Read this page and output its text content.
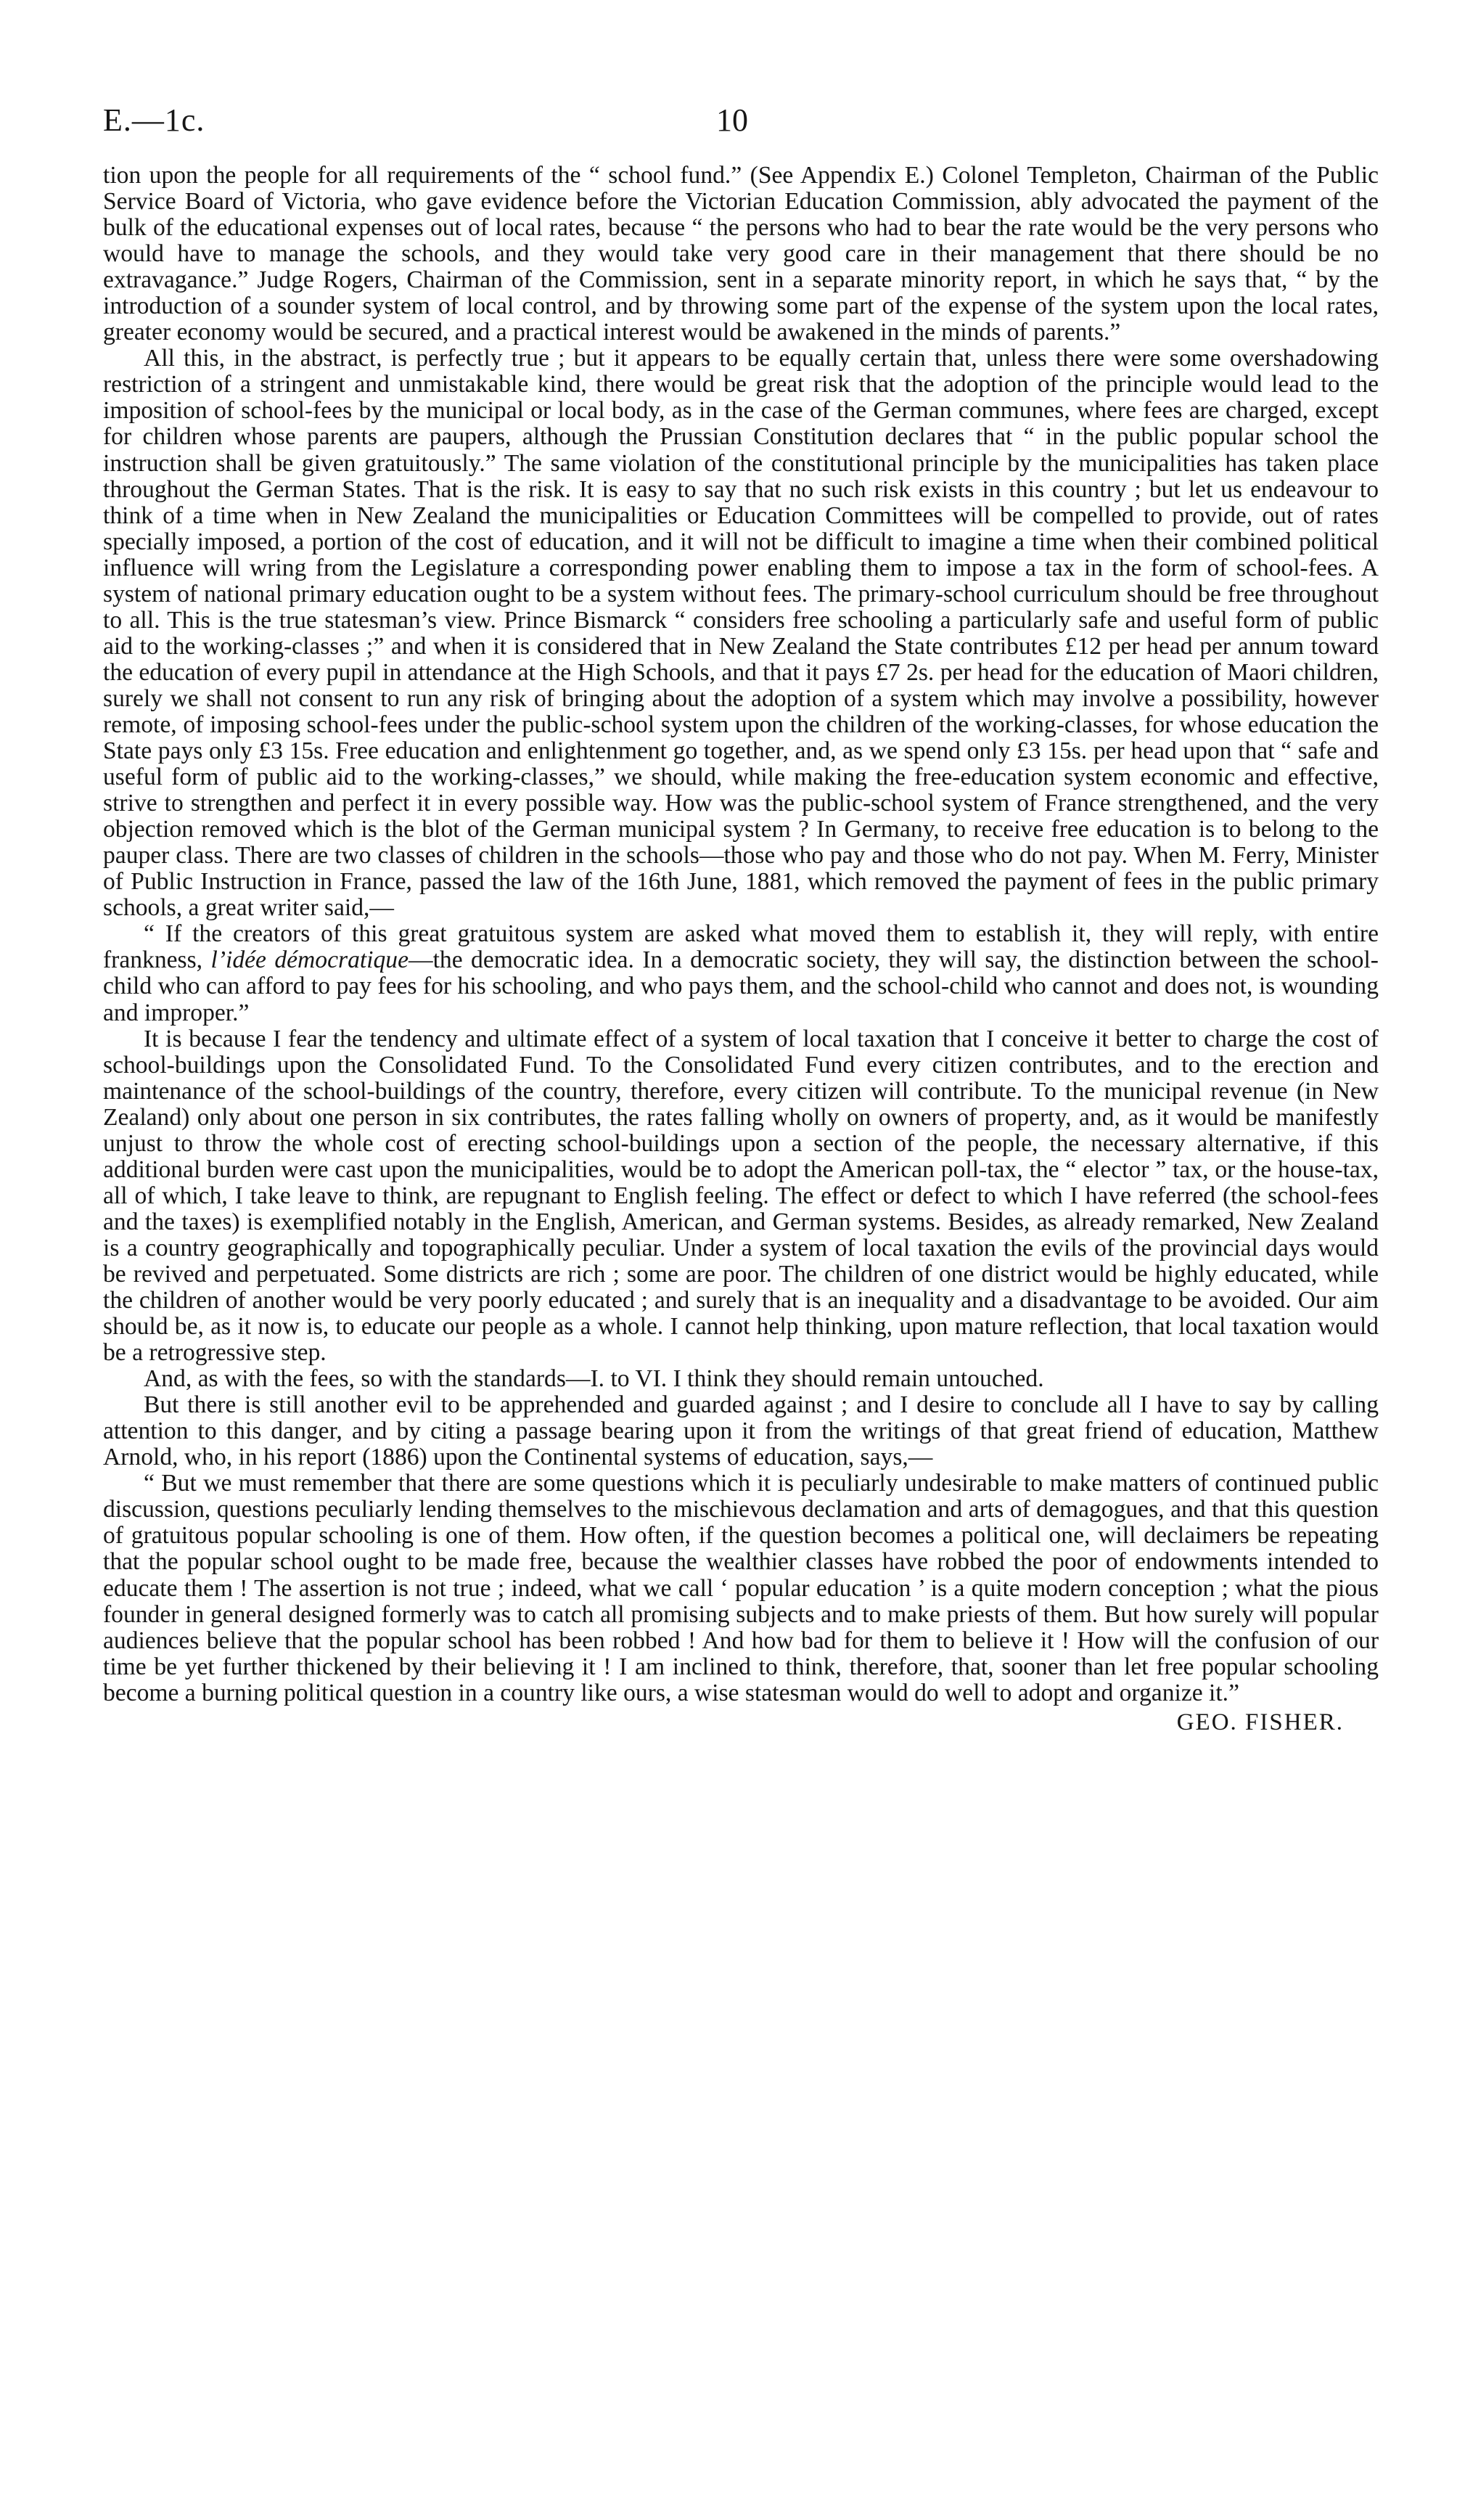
E.—1c.	10

tion upon the people for all requirements of the “ school fund.” (See Appendix E.) Colonel Templeton, Chairman of the Public Service Board of Victoria, who gave evidence before the Victorian Education Commission, ably advocated the payment of the bulk of the educational expenses out of local rates, because “ the persons who had to bear the rate would be the very persons who would have to manage the schools, and they would take very good care in their management that there should be no extravagance.” Judge Rogers, Chairman of the Commission, sent in a separate minority report, in which he says that, “ by the introduction of a sounder system of local control, and by throwing some part of the expense of the system upon the local rates, greater economy would be secured, and a practical interest would be awakened in the minds of parents.”

All this, in the abstract, is perfectly true ; but it appears to be equally certain that, unless there were some overshadowing restriction of a stringent and unmistakable kind, there would be great risk that the adoption of the principle would lead to the imposition of school-fees by the municipal or local body, as in the case of the German communes, where fees are charged, except for children whose parents are paupers, although the Prussian Constitution declares that “ in the public popular school the instruction shall be given gratuitously.” The same violation of the constitutional principle by the municipalities has taken place throughout the German States. That is the risk. It is easy to say that no such risk exists in this country ; but let us endeavour to think of a time when in New Zealand the municipalities or Education Committees will be compelled to provide, out of rates specially imposed, a portion of the cost of education, and it will not be difficult to imagine a time when their combined political influence will wring from the Legislature a corresponding power enabling them to impose a tax in the form of school-fees. A system of national primary education ought to be a system without fees. The primary-school curriculum should be free throughout to all. This is the true statesman’s view. Prince Bismarck “ considers free schooling a particularly safe and useful form of public aid to the working-classes ;” and when it is considered that in New Zealand the State contributes £12 per head per annum toward the education of every pupil in attendance at the High Schools, and that it pays £7 2s. per head for the education of Maori children, surely we shall not consent to run any risk of bringing about the adoption of a system which may involve a possibility, however remote, of imposing school-fees under the public-school system upon the children of the working-classes, for whose education the State pays only £3 15s. Free education and enlightenment go together, and, as we spend only £3 15s. per head upon that “ safe and useful form of public aid to the working-classes,” we should, while making the free-education system economic and effective, strive to strengthen and perfect it in every possible way. How was the public-school system of France strengthened, and the very objection removed which is the blot of the German municipal system ? In Germany, to receive free education is to belong to the pauper class. There are two classes of children in the schools—those who pay and those who do not pay. When M. Ferry, Minister of Public Instruction in France, passed the law of the 16th June, 1881, which removed the payment of fees in the public primary schools, a great writer said,—

“ If the creators of this great gratuitous system are asked what moved them to establish it, they will reply, with entire frankness, l’idée démocratique—the democratic idea. In a democratic society, they will say, the distinction between the school-child who can afford to pay fees for his schooling, and who pays them, and the school-child who cannot and does not, is wounding and improper.”

It is because I fear the tendency and ultimate effect of a system of local taxation that I conceive it better to charge the cost of school-buildings upon the Consolidated Fund. To the Consolidated Fund every citizen contributes, and to the erection and maintenance of the school-buildings of the country, therefore, every citizen will contribute. To the municipal revenue (in New Zealand) only about one person in six contributes, the rates falling wholly on owners of property, and, as it would be manifestly unjust to throw the whole cost of erecting school-buildings upon a section of the people, the necessary alternative, if this additional burden were cast upon the municipalities, would be to adopt the American poll-tax, the “ elector ” tax, or the house-tax, all of which, I take leave to think, are repugnant to English feeling. The effect or defect to which I have referred (the school-fees and the taxes) is exemplified notably in the English, American, and German systems. Besides, as already remarked, New Zealand is a country geographically and topographically peculiar. Under a system of local taxation the evils of the provincial days would be revived and perpetuated. Some districts are rich ; some are poor. The children of one district would be highly educated, while the children of another would be very poorly educated ; and surely that is an inequality and a disadvantage to be avoided. Our aim should be, as it now is, to educate our people as a whole. I cannot help thinking, upon mature reflection, that local taxation would be a retrogressive step.

And, as with the fees, so with the standards—I. to VI. I think they should remain untouched.

But there is still another evil to be apprehended and guarded against ; and I desire to conclude all I have to say by calling attention to this danger, and by citing a passage bearing upon it from the writings of that great friend of education, Matthew Arnold, who, in his report (1886) upon the Continental systems of education, says,—

“ But we must remember that there are some questions which it is peculiarly undesirable to make matters of continued public discussion, questions peculiarly lending themselves to the mischievous declamation and arts of demagogues, and that this question of gratuitous popular schooling is one of them. How often, if the question becomes a political one, will declaimers be repeating that the popular school ought to be made free, because the wealthier classes have robbed the poor of endowments intended to educate them ! The assertion is not true ; indeed, what we call ‘ popular education ’ is a quite modern conception ; what the pious founder in general designed formerly was to catch all promising subjects and to make priests of them. But how surely will popular audiences believe that the popular school has been robbed ! And how bad for them to believe it ! How will the confusion of our time be yet further thickened by their believing it ! I am inclined to think, therefore, that, sooner than let free popular schooling become a burning political question in a country like ours, a wise statesman would do well to adopt and organize it.”

GEO. FISHER.
